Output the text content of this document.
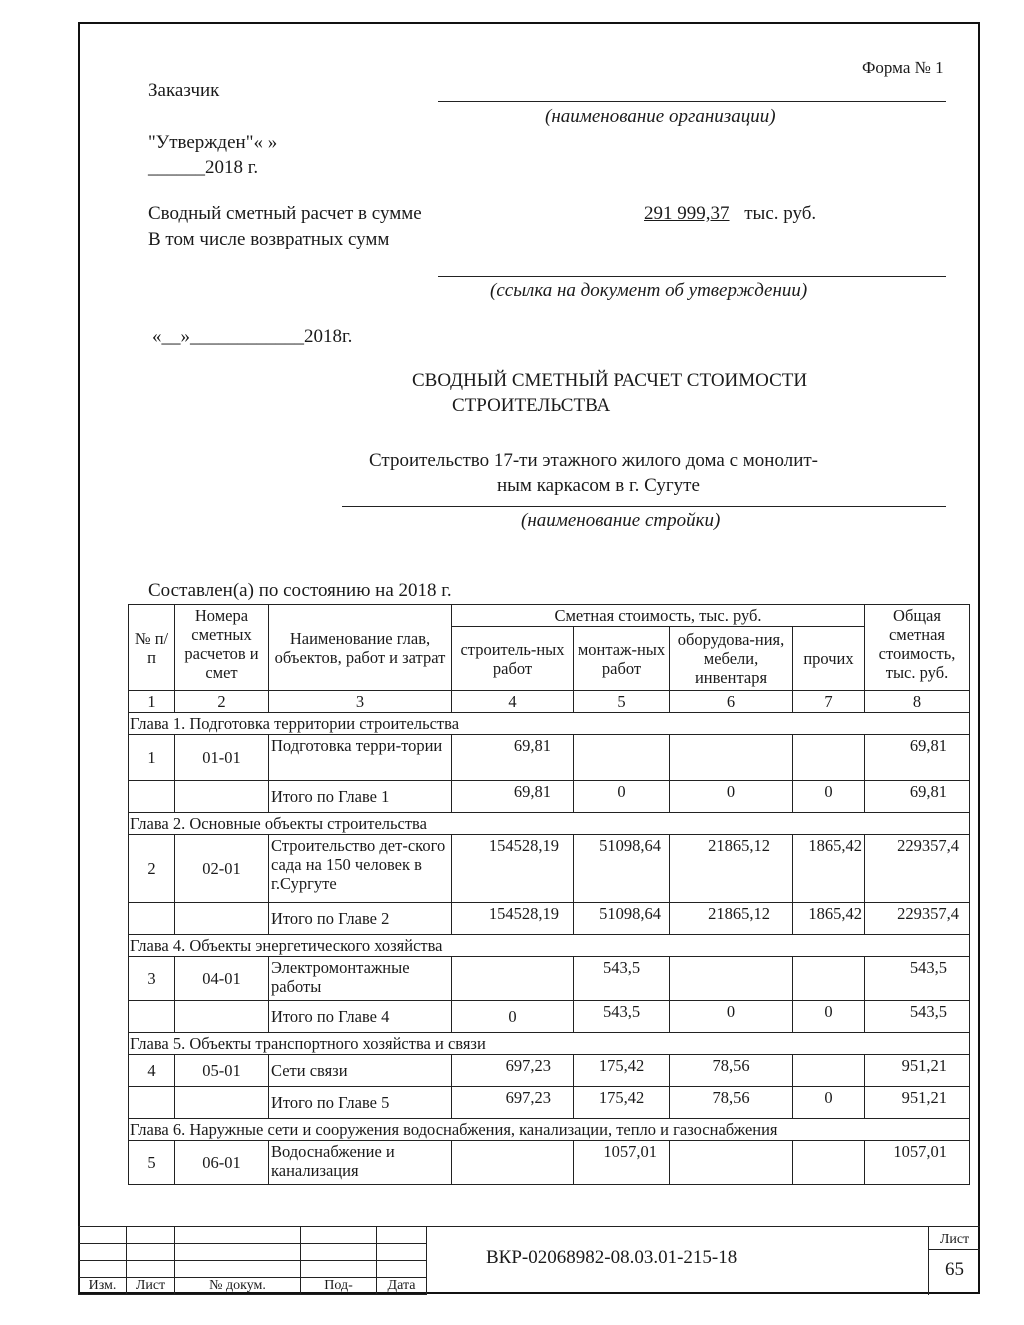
Форма № 1
Заказчик
(наименование организации)
"Утвержден"« »
______2018 г.
Сводный сметный расчет в сумме	291 999,37 тыс. руб.
В том числе возвратных сумм
(ссылка на документ об утверждении)
«__»____________2018г.
СВОДНЫЙ СМЕТНЫЙ РАСЧЕТ СТОИМОСТИ
СТРОИТЕЛЬСТВА
Строительство 17-ти этажного жилого дома с монолит-
ным каркасом в г. Сугуте
(наименование стройки)
Составлен(а) по состоянию на 2018 г.
№ п/п	Номера сметных расчетов и смет	Наименование глав, объектов, работ и затрат	Сметная стоимость, тыс. руб.				Общая сметная стоимость, тыс. руб.
			строитель-ных работ	монтаж-ных работ	оборудова-ния, мебели, инвентаря	прочих	
1	2	3	4	5	6	7	8
Глава 1. Подготовка территории строительства							
1	01-01	Подготовка терри-тории	69,81				69,81
		Итого по Главе 1	69,81	0	0	0	69,81
Глава 2. Основные объекты строительства							
2	02-01	Строительство дет-ского сада на 150 человек в г.Сургуте	154528,19	51098,64	21865,12	1865,42	229357,4
		Итого по Главе 2	154528,19	51098,64	21865,12	1865,42	229357,4
Глава 4. Объекты энергетического хозяйства							
3	04-01	Электромонтажные работы		543,5			543,5
		Итого по Главе 4	0	543,5	0	0	543,5
Глава 5. Объекты транспортного хозяйства и связи							
4	05-01	Сети связи	697,23	175,42	78,56		951,21
		Итого по Главе 5	697,23	175,42	78,56	0	951,21
Глава 6. Наружные сети и сооружения водоснабжения, канализации, тепло и газоснабжения							
5	06-01	Водоснабжение и канализация		1057,01			1057,01

Изм.	Лист	№ докум.	Под-	Дата
ВКР-02068982-08.03.01-215-18
Лист
65
